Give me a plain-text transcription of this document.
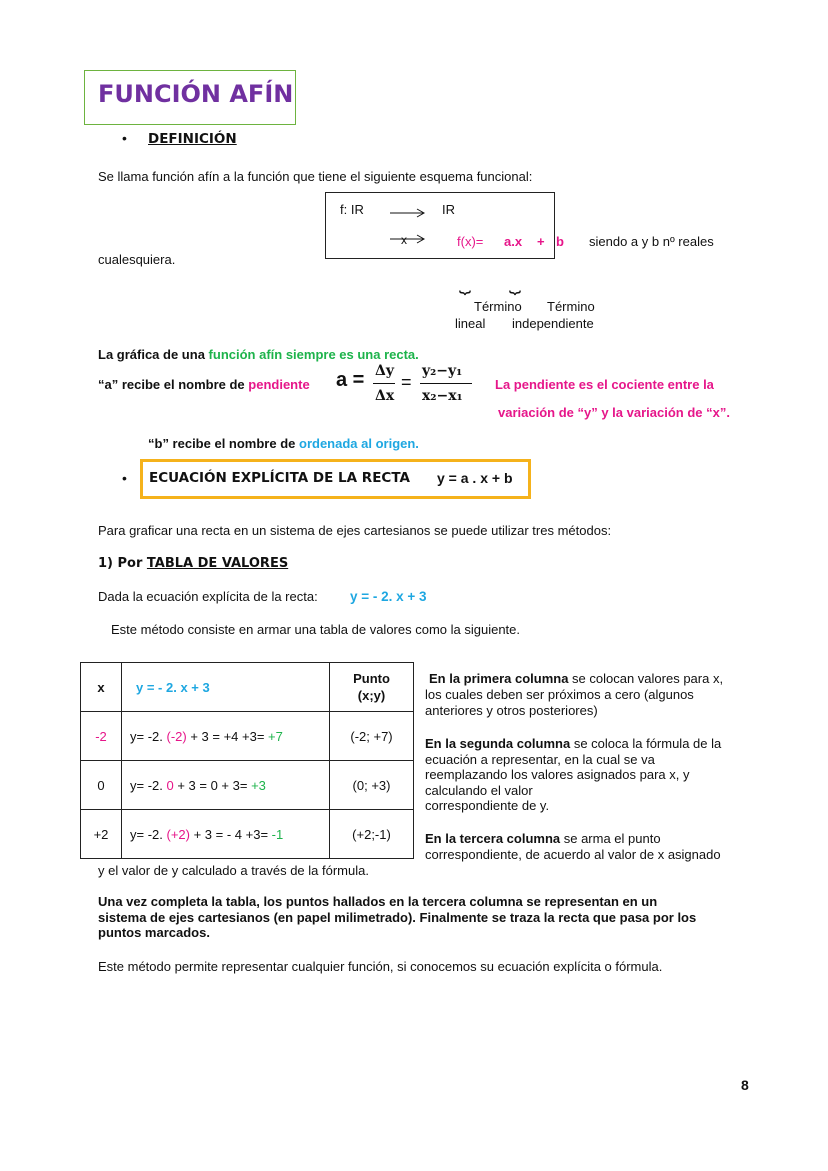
FUNCIÓN AFÍN
• DEFINICIÓN
Se llama función afín a la función que tiene el siguiente esquema funcional:
f: IR	IR
x	f(x)= a.x + b siendo a y b nº reales
cualesquiera.
⏟ ⏟
Término
lineal
Término
independiente
La gráfica de una función afín siempre es una recta.
“a” recibe el nombre de pendiente a = Δy
Δx
=
y₂−y₁
x₂−x₁
La pendiente es el cociente entre la
variación de “y” y la variación de “x”.
“b” recibe el nombre de ordenada al origen.
• ECUACIÓN EXPLÍCITA DE LA RECTA y = a . x + b
Para graficar una recta en un sistema de ejes cartesianos se puede utilizar tres métodos:
1) Por TABLA DE VALORES
Dada la ecuación explícita de la recta: y = - 2. x + 3
Este método consiste en armar una tabla de valores como la siguiente.
x	y = - 2. x + 3	Punto
(x;y)
-2	y= -2. (-2) + 3 = +4 +3= +7	(-2; +7)
0	y= -2. 0 + 3 = 0 + 3= +3	(0; +3)
+2	y= -2. (+2) + 3 = - 4 +3= -1	(+2;-1)
En la primera columna se colocan valores para x,
los cuales deben ser próximos a cero (algunos
anteriores y otros posteriores)
En la segunda columna se coloca la fórmula de la
ecuación a representar, en la cual se va
reemplazando los valores asignados para x, y
calculando el valor
correspondiente de y.
En la tercera columna se arma el punto
correspondiente, de acuerdo al valor de x asignado
y el valor de y calculado a través de la fórmula.
Una vez completa la tabla, los puntos hallados en la tercera columna se representan en un
sistema de ejes cartesianos (en papel milimetrado). Finalmente se traza la recta que pasa por los
puntos marcados.
Este método permite representar cualquier función, si conocemos su ecuación explícita o fórmula.
8
